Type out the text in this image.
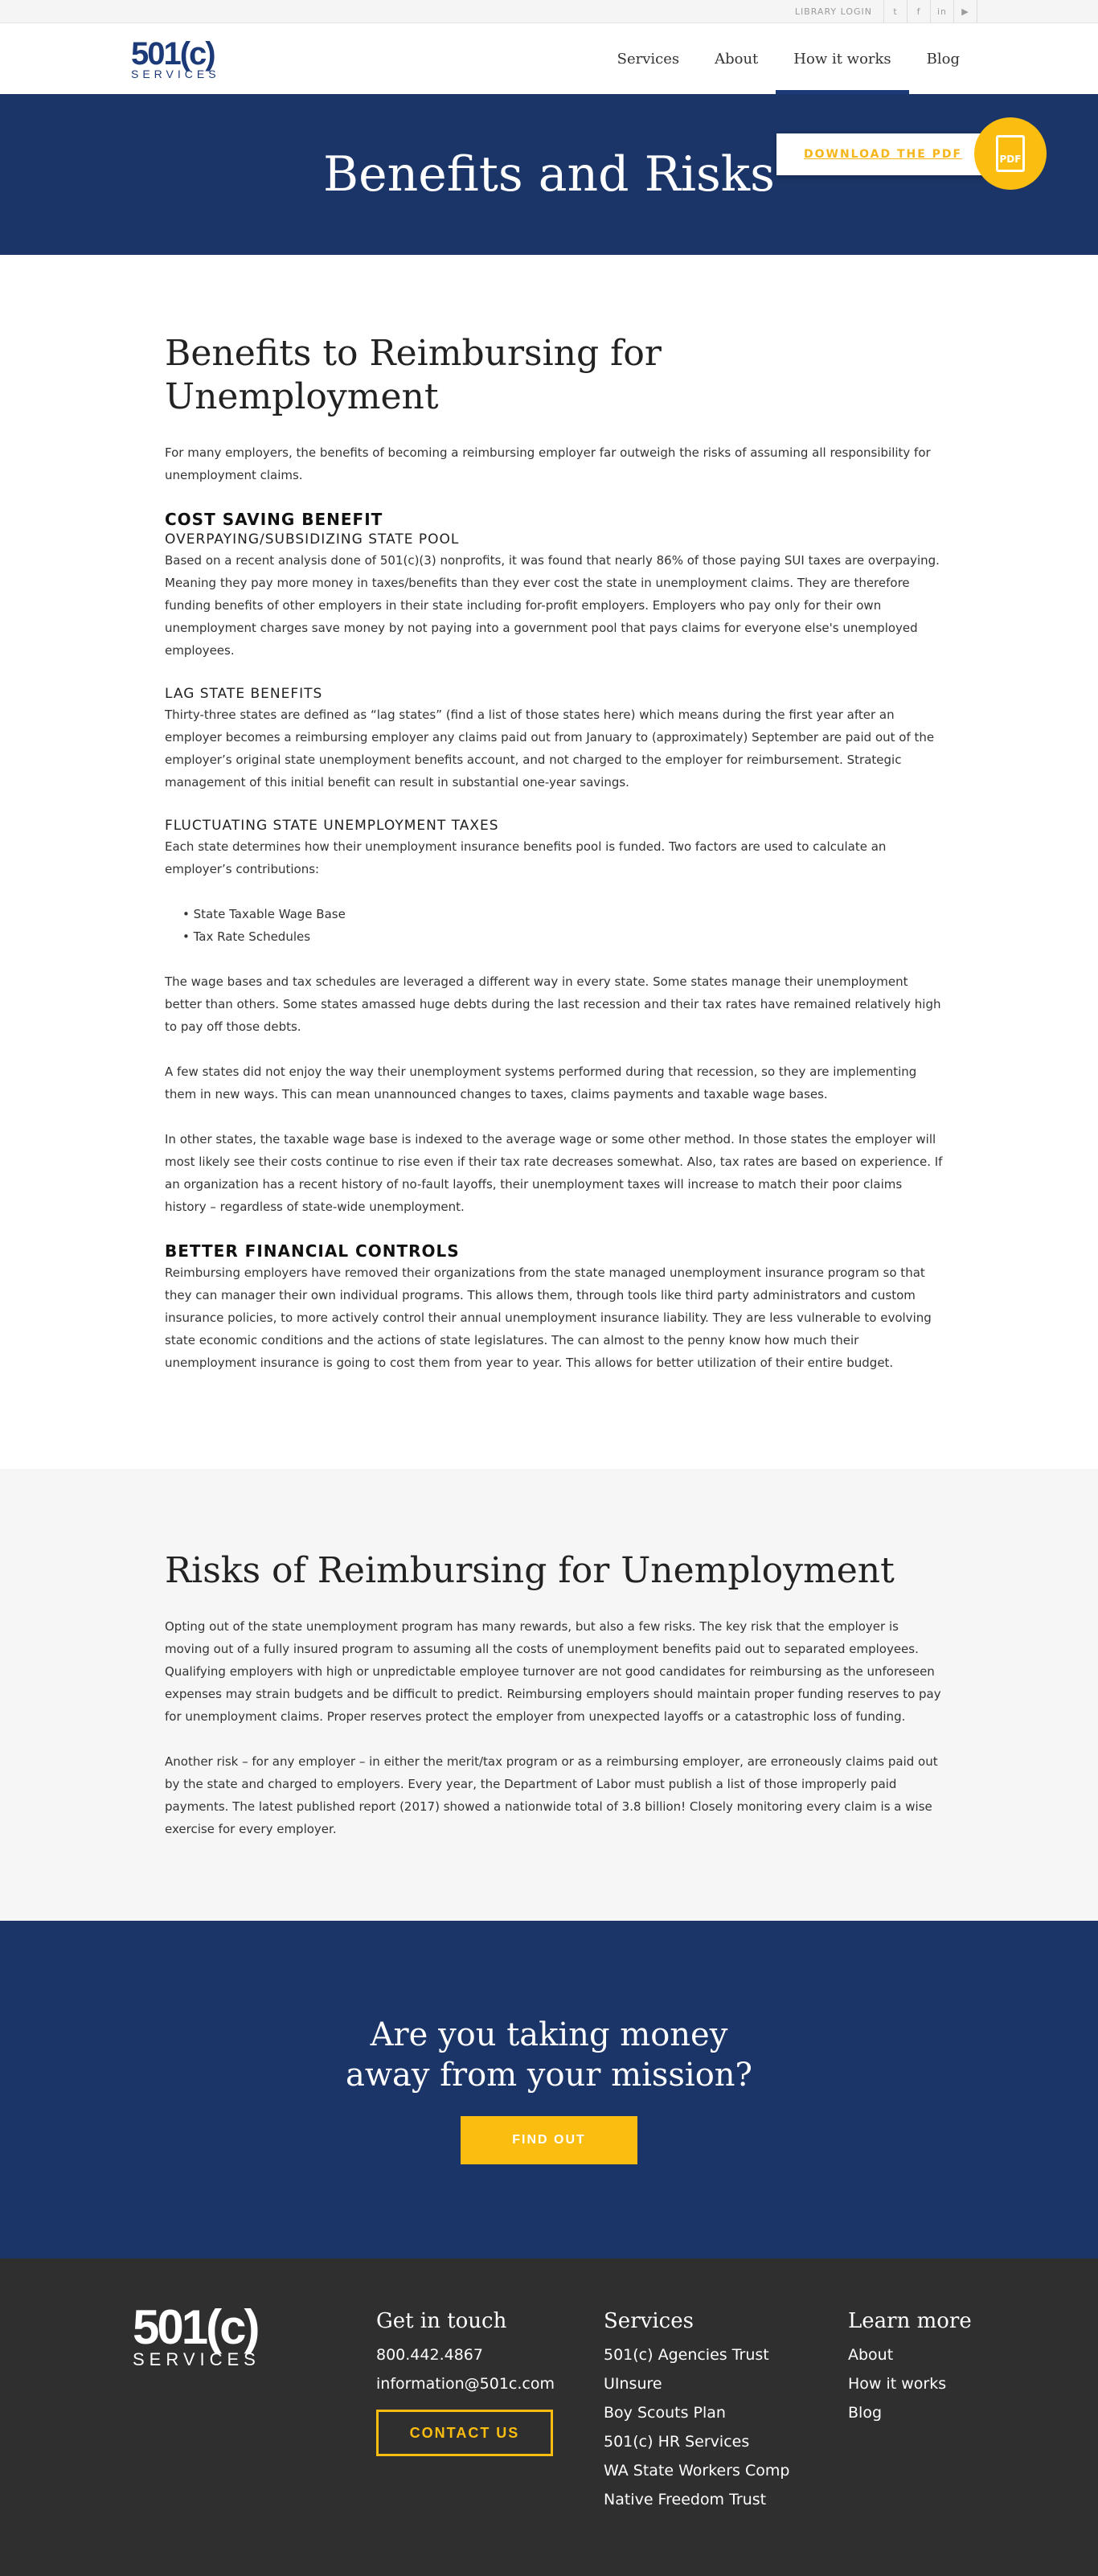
LIBRARY LOGIN	t	f	in	▶
501(c)
SERVICES
Services	About	How it works	Blog
Benefits and Risks	DOWNLOAD THE PDF	PDF
Benefits to Reimbursing for Unemployment

For many employers, the benefits of becoming a reimbursing employer far outweigh the risks of assuming all responsibility for unemployment claims.

COST SAVING BENEFIT
OVERPAYING/SUBSIDIZING STATE POOL

Based on a recent analysis done of 501(c)(3) nonprofits, it was found that nearly 86% of those paying SUI taxes are overpaying. Meaning they pay more money in taxes/benefits than they ever cost the state in unemployment claims. They are therefore funding benefits of other employers in their state including for-profit employers. Employers who pay only for their own unemployment charges save money by not paying into a government pool that pays claims for everyone else's unemployed employees.

LAG STATE BENEFITS

Thirty-three states are defined as “lag states” (find a list of those states here) which means during the first year after an employer becomes a reimbursing employer any claims paid out from January to (approximately) September are paid out of the employer’s original state unemployment benefits account, and not charged to the employer for reimbursement. Strategic management of this initial benefit can result in substantial one-year savings.

FLUCTUATING STATE UNEMPLOYMENT TAXES

Each state determines how their unemployment insurance benefits pool is funded. Two factors are used to calculate an employer’s contributions:

• State Taxable Wage Base
• Tax Rate Schedules

The wage bases and tax schedules are leveraged a different way in every state. Some states manage their unemployment better than others. Some states amassed huge debts during the last recession and their tax rates have remained relatively high to pay off those debts.

A few states did not enjoy the way their unemployment systems performed during that recession, so they are implementing them in new ways. This can mean unannounced changes to taxes, claims payments and taxable wage bases.

In other states, the taxable wage base is indexed to the average wage or some other method. In those states the employer will most likely see their costs continue to rise even if their tax rate decreases somewhat. Also, tax rates are based on experience. If an organization has a recent history of no-fault layoffs, their unemployment taxes will increase to match their poor claims history – regardless of state-wide unemployment.

BETTER FINANCIAL CONTROLS

Reimbursing employers have removed their organizations from the state managed unemployment insurance program so that they can manager their own individual programs. This allows them, through tools like third party administrators and custom insurance policies, to more actively control their annual unemployment insurance liability. They are less vulnerable to evolving state economic conditions and the actions of state legislatures. The can almost to the penny know how much their unemployment insurance is going to cost them from year to year. This allows for better utilization of their entire budget.

Risks of Reimbursing for Unemployment

Opting out of the state unemployment program has many rewards, but also a few risks. The key risk that the employer is moving out of a fully insured program to assuming all the costs of unemployment benefits paid out to separated employees. Qualifying employers with high or unpredictable employee turnover are not good candidates for reimbursing as the unforeseen expenses may strain budgets and be difficult to predict. Reimbursing employers should maintain proper funding reserves to pay for unemployment claims. Proper reserves protect the employer from unexpected layoffs or a catastrophic loss of funding.

Another risk – for any employer – in either the merit/tax program or as a reimbursing employer, are erroneously claims paid out by the state and charged to employers. Every year, the Department of Labor must publish a list of those improperly paid payments. The latest published report (2017) showed a nationwide total of 3.8 billion! Closely monitoring every claim is a wise exercise for every employer.

Are you taking money
away from your mission?
FIND OUT
501(c)
SERVICES
Get in touch
800.442.4867
information@501c.com
CONTACT US
Services
501(c) Agencies Trust
UInsure
Boy Scouts Plan
501(c) HR Services
WA State Workers Comp
Native Freedom Trust
Learn more
About
How it works
Blog
